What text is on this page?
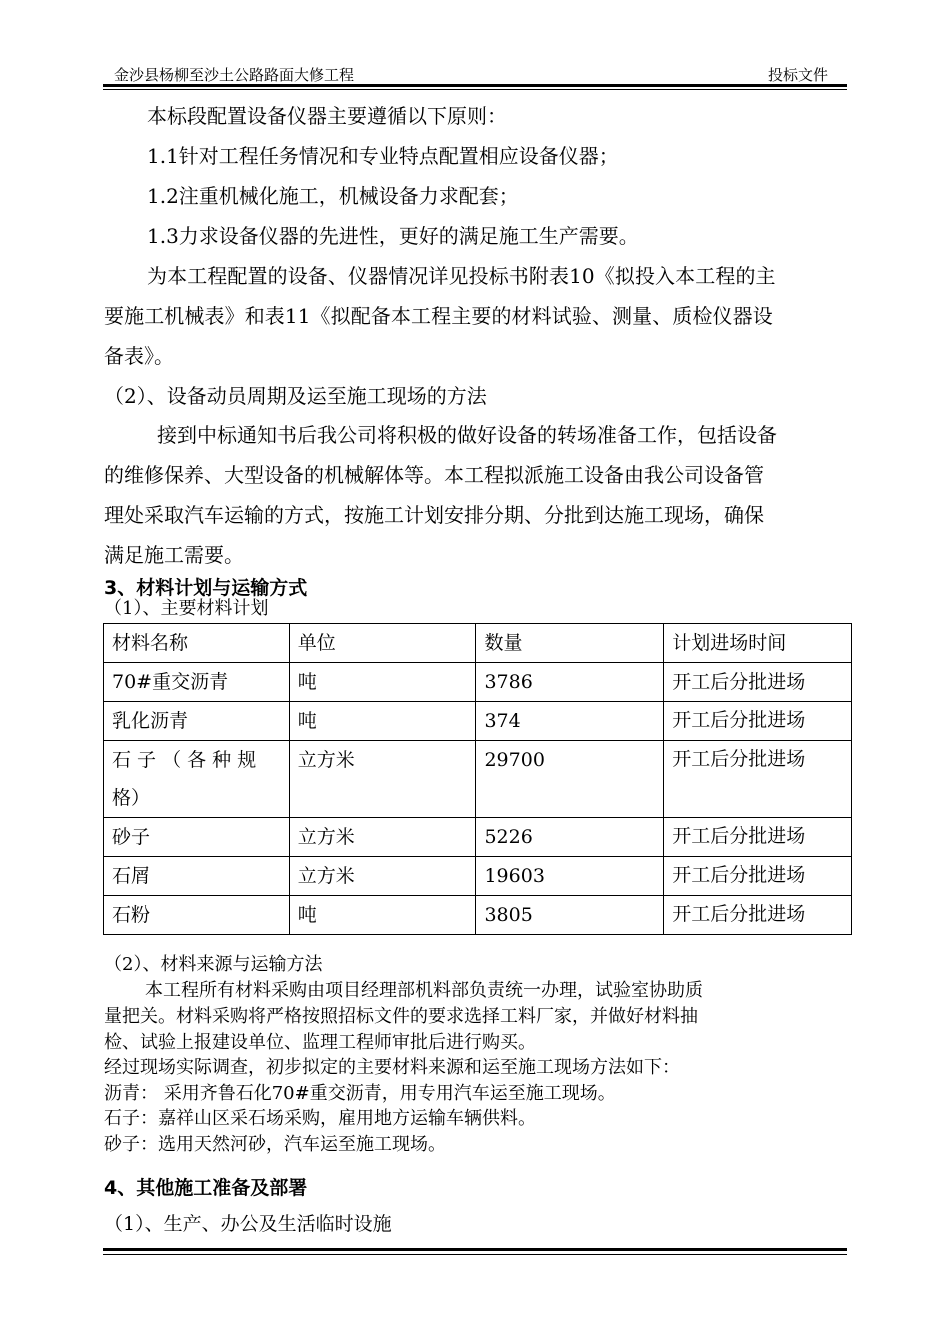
金沙县杨柳至沙土公路路面大修工程	投标文件
本标段配置设备仪器主要遵循以下原则：
1.1针对工程任务情况和专业特点配置相应设备仪器；
1.2注重机械化施工，机械设备力求配套；
1.3力求设备仪器的先进性，更好的满足施工生产需要。
为本工程配置的设备、仪器情况详见投标书附表10《拟投入本工程的主
要施工机械表》和表11《拟配备本工程主要的材料试验、测量、质检仪器设
备表》。
（2）、设备动员周期及运至施工现场的方法
接到中标通知书后我公司将积极的做好设备的转场准备工作，包括设备
的维修保养、大型设备的机械解体等。本工程拟派施工设备由我公司设备管
理处采取汽车运输的方式，按施工计划安排分期、分批到达施工现场，确保
满足施工需要。
3、材料计划与运输方式
（1）、主要材料计划
材料名称	单位	数量	计划进场时间
70#重交沥青	吨	3786	开工后分批进场
乳化沥青	吨	374	开工后分批进场

石 子 （ 各 种 规
格）	立方米	29700	开工后分批进场
砂子	立方米	5226	开工后分批进场
石屑	立方米	19603	开工后分批进场
石粉	吨	3805	开工后分批进场
（2）、材料来源与运输方法
本工程所有材料采购由项目经理部机料部负责统一办理，试验室协助质
量把关。材料采购将严格按照招标文件的要求选择工料厂家，并做好材料抽
检、试验上报建设单位、监理工程师审批后进行购买。
经过现场实际调查，初步拟定的主要材料来源和运至施工现场方法如下：
沥青： 采用齐鲁石化70#重交沥青，用专用汽车运至施工现场。
石子：嘉祥山区采石场采购，雇用地方运输车辆供料。
砂子：选用天然河砂，汽车运至施工现场。
4、其他施工准备及部署
（1）、生产、办公及生活临时设施
